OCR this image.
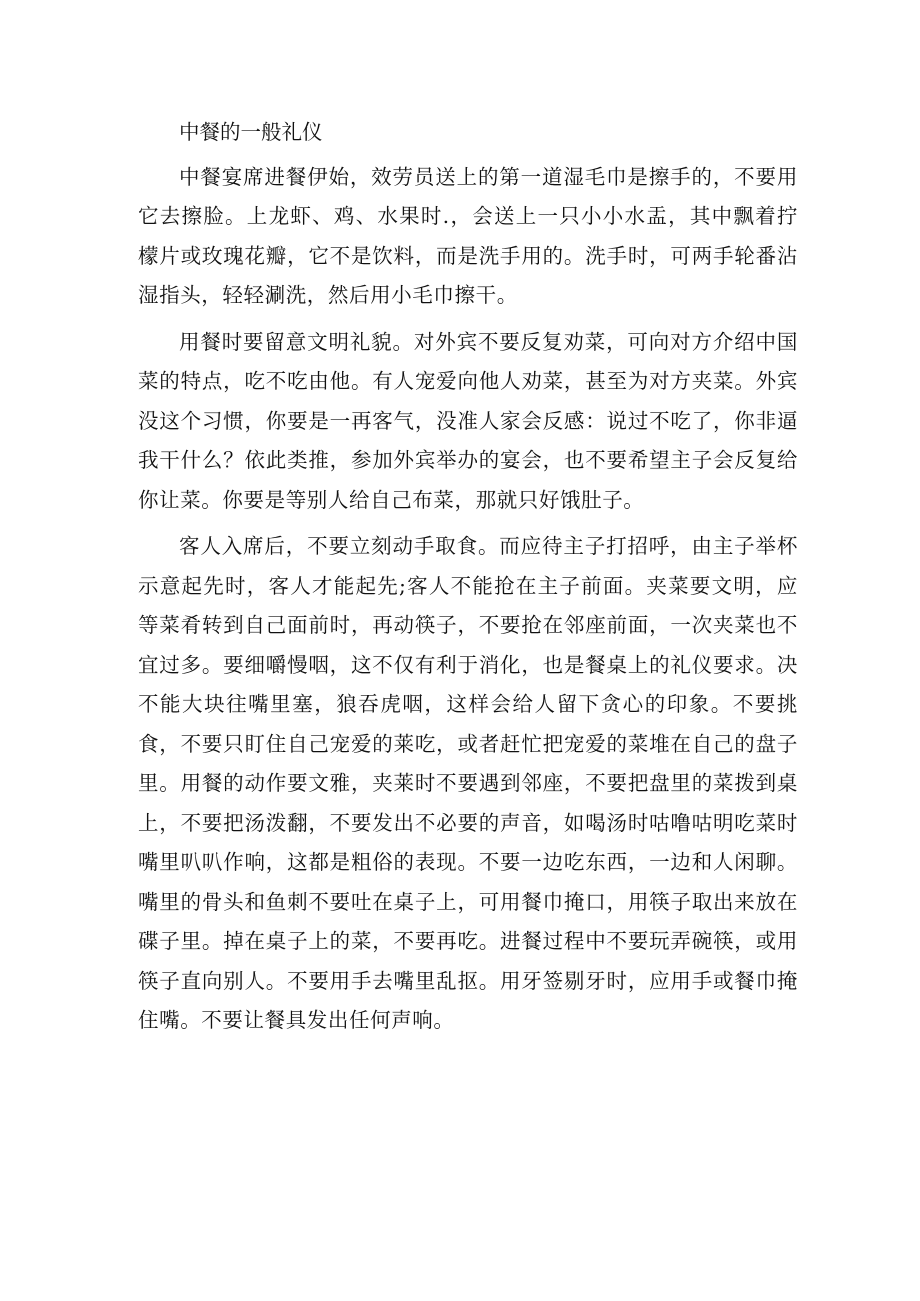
中餐的一般礼仪

中餐宴席进餐伊始，效劳员送上的第一道湿毛巾是擦手的，不要用它去擦脸。上龙虾、鸡、水果时.，会送上一只小小水盂，其中飘着拧檬片或玫瑰花瓣，它不是饮料，而是洗手用的。洗手时，可两手轮番沾湿指头，轻轻涮洗，然后用小毛巾擦干。

用餐时要留意文明礼貌。对外宾不要反复劝菜，可向对方介绍中国菜的特点，吃不吃由他。有人宠爱向他人劝菜，甚至为对方夹菜。外宾没这个习惯，你要是一再客气，没准人家会反感：说过不吃了，你非逼我干什么？依此类推，参加外宾举办的宴会，也不要希望主子会反复给你让菜。你要是等别人给自己布菜，那就只好饿肚子。

客人入席后，不要立刻动手取食。而应待主子打招呼，由主子举杯示意起先时，客人才能起先;客人不能抢在主子前面。夹菜要文明，应等菜肴转到自己面前时，再动筷子，不要抢在邻座前面，一次夹菜也不宜过多。要细嚼慢咽，这不仅有利于消化，也是餐桌上的礼仪要求。决不能大块往嘴里塞，狼吞虎咽，这样会给人留下贪心的印象。不要挑食，不要只盯住自己宠爱的莱吃，或者赶忙把宠爱的菜堆在自己的盘子里。用餐的动作要文雅，夹莱时不要遇到邻座，不要把盘里的菜拨到桌上，不要把汤泼翻，不要发出不必要的声音，如喝汤时咕噜咕明吃菜时嘴里叭叭作响，这都是粗俗的表现。不要一边吃东西，一边和人闲聊。嘴里的骨头和鱼刺不要吐在桌子上，可用餐巾掩口，用筷子取出来放在碟子里。掉在桌子上的菜，不要再吃。进餐过程中不要玩弄碗筷，或用筷子直向别人。不要用手去嘴里乱抠。用牙签剔牙时，应用手或餐巾掩住嘴。不要让餐具发出任何声响。
